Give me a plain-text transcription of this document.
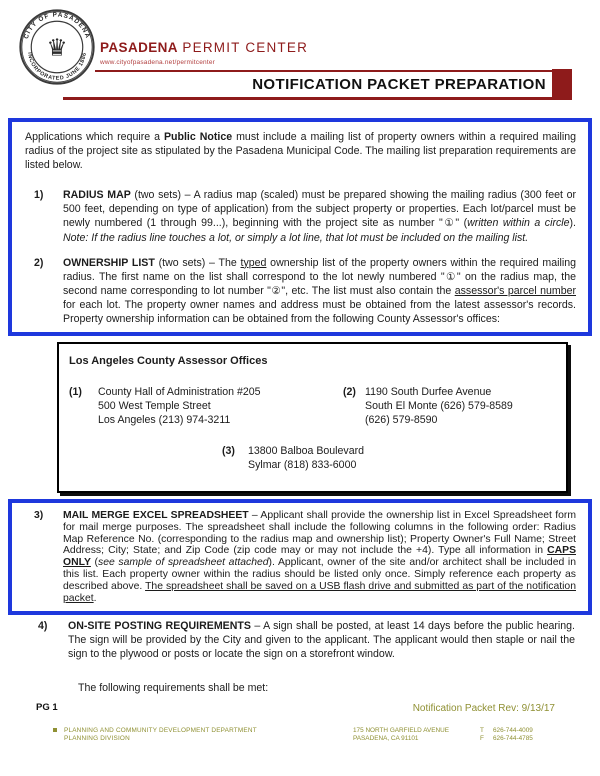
CITY OF PASADENA
INCORPORATED JUNE 1886
♛ PASADENA PERMIT CENTER
www.cityofpasadena.net/permitcenter
NOTIFICATION PACKET PREPARATION

Applications which require a Public Notice must include a mailing list of property owners within a required mailing radius of the project site as stipulated by the Pasadena Municipal Code. The mailing list preparation requirements are listed below.

1)	RADIUS MAP (two sets) – A radius map (scaled) must be prepared showing the mailing radius (300 feet or 500 feet, depending on type of application) from the subject property or properties. Each lot/parcel must be newly numbered (1 through 99...), beginning with the project site as number "①" (written within a circle). Note: If the radius line touches a lot, or simply a lot line, that lot must be included on the mailing list.

2)	OWNERSHIP LIST (two sets) – The typed ownership list of the property owners within the required mailing radius. The first name on the list shall correspond to the lot newly numbered "①" on the radius map, the second name corresponding to lot number "②", etc. The list must also contain the assessor's parcel number for each lot. The property owner names and address must be obtained from the latest assessor's records. Property ownership information can be obtained from the following County Assessor's offices:

Los Angeles County Assessor Offices

(1)	County Hall of Administration #205
500 West Temple Street
Los Angeles (213) 974-3211
(2) 1190 South Durfee Avenue
South El Monte (626) 579-8589
(626) 579-8590
(3)	13800 Balboa Boulevard
Sylmar (818) 833-6000
3)	MAIL MERGE EXCEL SPREADSHEET – Applicant shall provide the ownership list in Excel Spreadsheet form for mail merge purposes. The spreadsheet shall include the following columns in the following order: Radius Map Reference No. (corresponding to the radius map and ownership list); Property Owner's Full Name; Street Address; City; State; and Zip Code (zip code may or may not include the +4). Type all information in CAPS ONLY (see sample of spreadsheet attached). Applicant, owner of the site and/or architect shall be included in this list. Each property owner within the radius should be listed only once. Simply reference each property as described above. The spreadsheet shall be saved on a USB flash drive and submitted as part of the notification packet.

4)	ON-SITE POSTING REQUIREMENTS – A sign shall be posted, at least 14 days before the public hearing. The sign will be provided by the City and given to the applicant. The applicant would then staple or nail the sign to the plywood or posts or locate the sign on a storefront window.

The following requirements shall be met:

PG 1	Notification Packet Rev: 9/13/17

PLANNING AND COMMUNITY DEVELOPMENT DEPARTMENT
PLANNING DIVISION
175 NORTH GARFIELD AVENUE
PASADENA, CA 91101
T 626-744-4009
F 626-744-4785
